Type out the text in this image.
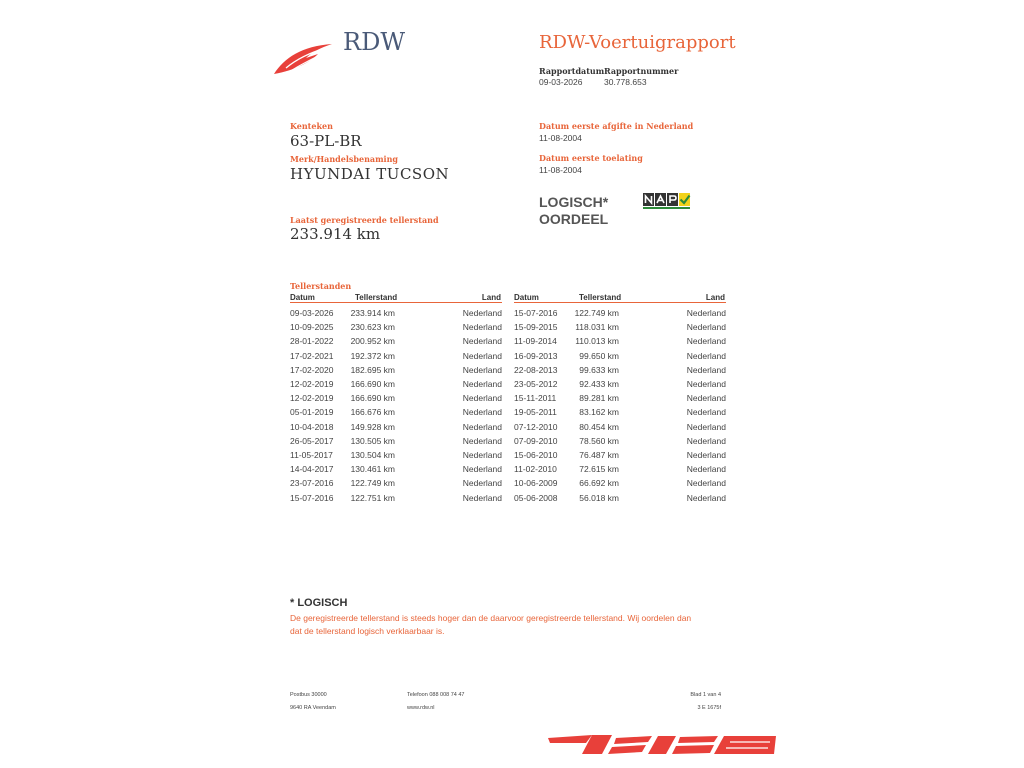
RDW	RDW-Voertuigrapport
Rapportdatum
09-03-2026
Rapportnummer
30.778.653
Kenteken
63-PL-BR
Merk/Handelsbenaming
HYUNDAI TUCSON
Datum eerste afgifte in Nederland
11-08-2004
Datum eerste toelating
11-08-2004
LOGISCH*
OORDEEL
Laatst geregistreerde tellerstand
233.914 km
Tellerstanden
Datum	Tellerstand	Land Datum	Tellerstand	Land
09-03-2026	233.914 km	Nederland
10-09-2025	230.623 km	Nederland
28-01-2022	200.952 km	Nederland
17-02-2021	192.372 km	Nederland
17-02-2020	182.695 km	Nederland
12-02-2019	166.690 km	Nederland
12-02-2019	166.690 km	Nederland
05-01-2019	166.676 km	Nederland
10-04-2018	149.928 km	Nederland
26-05-2017	130.505 km	Nederland
11-05-2017	130.504 km	Nederland
14-04-2017	130.461 km	Nederland
23-07-2016	122.749 km	Nederland
15-07-2016	122.751 km	Nederland
15-07-2016	122.749 km	Nederland
15-09-2015	118.031 km	Nederland
11-09-2014	110.013 km	Nederland
16-09-2013	99.650 km	Nederland
22-08-2013	99.633 km	Nederland
23-05-2012	92.433 km	Nederland
15-11-2011	89.281 km	Nederland
19-05-2011	83.162 km	Nederland
07-12-2010	80.454 km	Nederland
07-09-2010	78.560 km	Nederland
15-06-2010	76.487 km	Nederland
11-02-2010	72.615 km	Nederland
10-06-2009	66.692 km	Nederland
05-06-2008	56.018 km	Nederland
* LOGISCH
De geregistreerde tellerstand is steeds hoger dan de daarvoor geregistreerde tellerstand. Wij oordelen dan dat de tellerstand logisch verklaarbaar is.
Postbus 30000
9640 RA Veendam
Telefoon 088 008 74 47
www.rdw.nl
Blad 1 van 4
3 E 1675f
